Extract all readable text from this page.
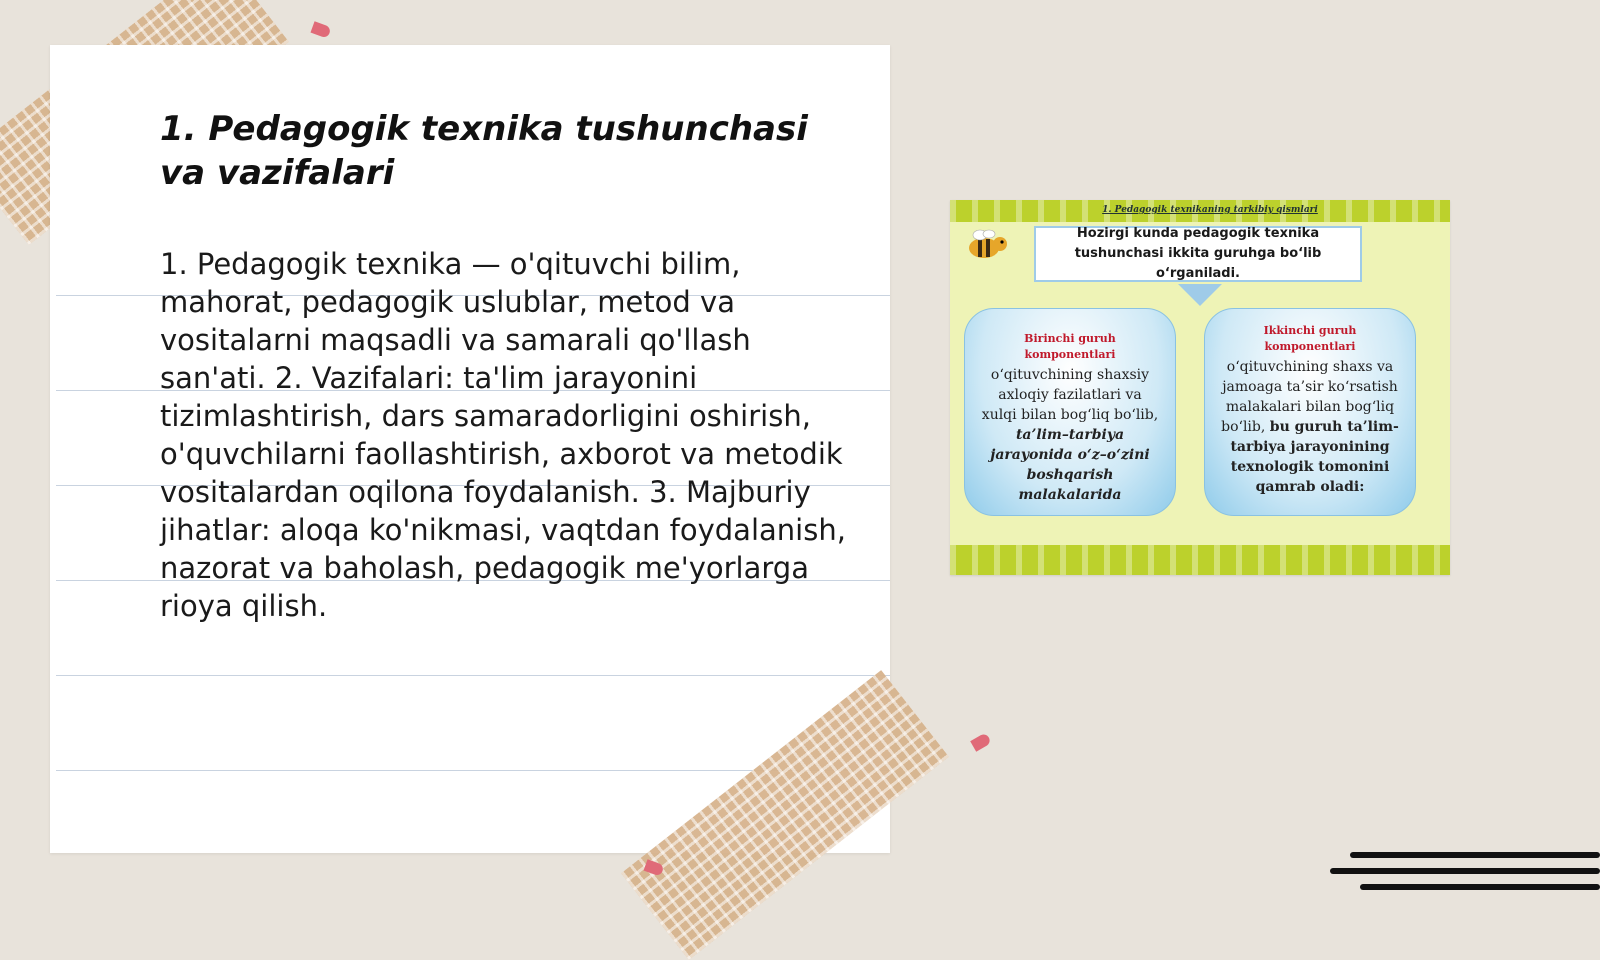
1. Pedagogik texnika tushunchasi va vazifalari

1. Pedagogik texnika — o'qituvchi bilim, mahorat, pedagogik uslublar, metod va vositalarni maqsadli va samarali qo'llash san'ati. 2. Vazifalari: ta'lim jarayonini tizimlashtirish, dars samaradorligini oshirish, o'quvchilarni faollashtirish, axborot va metodik vositalardan oqilona foydalanish. 3. Majburiy jihatlar: aloqa ko'nikmasi, vaqtdan foydalanish, nazorat va baholash, pedagogik me'yorlarga rioya qilish.

1. Pedagogik texnikaning tarkibiy qismlari
Hozirgi kunda pedagogik texnika tushunchasi ikkita guruhga bo‘lib o‘rganiladi.
Birinchi guruh komponentlari
o‘qituvchining shaxsiy axloqiy fazilatlari va xulqi bilan bog‘liq bo‘lib, ta’lim–tarbiya jarayonida o‘z–o‘zini boshqarish malakalarida
Ikkinchi guruh komponentlari
o‘qituvchining shaxs va jamoaga ta’sir ko‘rsatish malakalari bilan bog‘liq bo‘lib, bu guruh ta’lim-tarbiya jarayonining texnologik tomonini qamrab oladi:
